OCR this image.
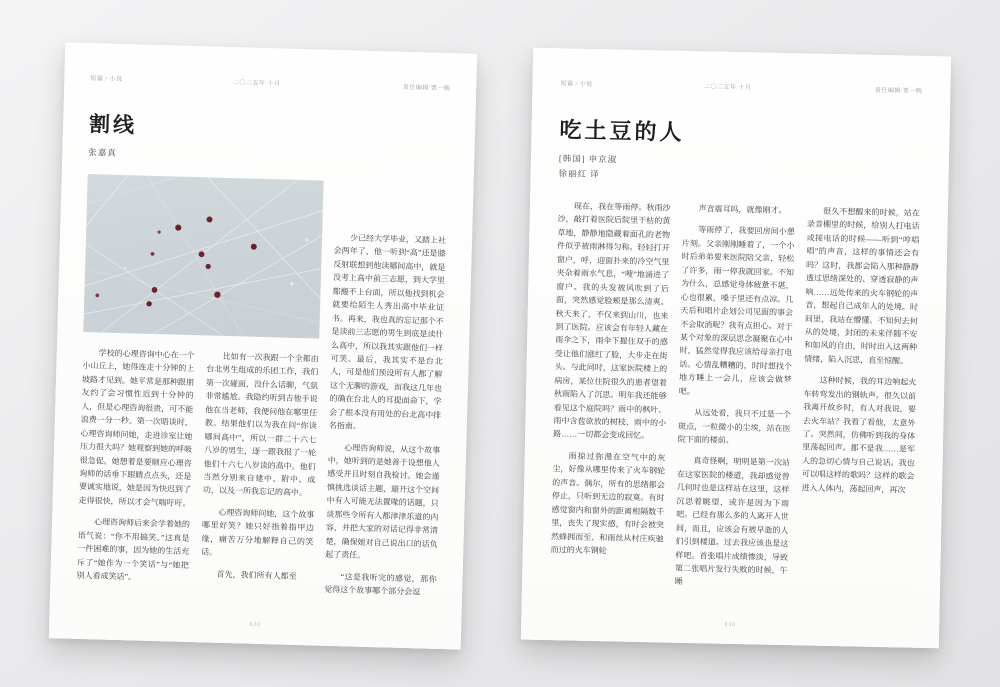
短篇 / 小说
二〇二五年 十月
责任编辑 贾一晚
割线
张嘉真

学校的心理咨询中心在一个小山丘上，她得连走十分钟的上坡路才见到。她平常是那种跟朋友约了会习惯性迟到十分钟的人，但是心理咨询很贵，可不能浪费一分一秒。第一次晤谈时，心理咨询师问她，走进诊室让她压力很大吗？她观察到她的呼吸很急促。她想着是要顺应心理咨询师的话垂下眼睛点点头，还是要诚实地说，她是因为快迟到了走得很快，所以才会气喘吁吁。

心理咨询师后来会学着她的语气说：“你不用搞笑。”这真是一件困难的事，因为她的生活充斥了“她作为一个笑话”与“她把别人看成笑话”。

比如有一次我跟一个全都由台北男生组成的乐团工作，我们第一次碰面，没什么话聊，气氛非常尴尬。我隐约听到吉他手说他在当老师，我便问他在哪里任教。结果他们以为我在问“你读哪间高中”，所以一群二十六七八岁的男生，逐一跟我报了一轮他们十六七八岁读的高中。他们当然分别来自建中、附中、成功，以及一所我忘记的高中。

心理咨询师问她，这个故事哪里好笑？她只好指着指甲边缘，痛苦万分地解释自己的笑话。

首先，我们所有人都至

少已经大学毕业，又踏上社会两年了，他一听到“高”还是膝反射联想到他读哪间高中，就是没考上高中前三志愿，到大学里都搬不上台面，所以他找到机会就要给陌生人秀出高中毕业证书。再来，我也真的忘记那个不是读前三志愿的男生到底是读什么高中，所以我其实跟他们一样可笑。最后，我其实不是台北人，可是他们预设所有人都了解这个无聊的游戏，而我这几年也的确在台北人的耳提面命下，学会了根本没有用处的台北高中排名指南。

心理咨询师说，从这个故事中，她听到的是她善于设想他人感受并且时刻自我检讨。她会谨慎挑选谈话主题，避开这个空间中有人可能无法置喙的话题，只谈那些令所有人都津津乐道的内容，并把大家的对话记得非常清楚，确保她对自己说出口的话负起了责任。

“这是我听完的感觉，那你觉得这个故事哪个部分会逗

020
短篇 / 小说	二〇二五年 十月
责任编辑 贾一晚
吃土豆的人
[韩国] 申京淑
徐丽红 译

现在，我在等雨停。秋雨沙沙，敲打着医院后院里干枯的黄草地，静静地隐藏着面孔的老物件似乎被雨淋得匀称。轻轻打开窗户，呼，迎面扑来的冷空气里夹杂着雨水气息，“嗖”地涌进了窗户。我的头发被风吹到了后面，突然感觉脸颊是那么清爽。秋天来了，不仅来到山川，也来到了医院。应该会有年轻人藏在雨伞之下，雨伞下握住双手的感受让他们涨红了脸，大步走在街头。与此同时，这家医院楼上的病房，某位住院很久的患者望着秋雨陷入了沉思。明年我还能够看见这个庭院吗？雨中的枫叶、雨中含苞欲放的树枝、雨中的小路……一切都会变成回忆。

雨掠过弥漫在空气中的灰尘，好像从哪里传来了火车钢轮的声音。偶尔，所有的思绪都会停止，只听到无边的寂寞。有时感觉窗内和窗外的距离相隔数千里，丧失了现实感，有时会被突然蜂拥而至、和雨丝从村庄疾驰而过的火车钢轮

声音震耳吗，就像刚才。

等雨停了，我要回房间小憩片刻。父亲刚刚睡着了，一个小时后弟弟要来医院陪父亲，轻松了许多，雨一停我就回家。不知为什么，总感觉身体疲惫不堪，心也很累，嗓子里还有点凉。几天后和唱片企划公司见面的事会不会取消呢？我有点担心。对于某个对象的深层思念凝聚在心中时，猛然觉得我应该给母亲打电话。心情乱糟糟的，时时想找个地方睡上一会儿，应该会做梦吧。

从远处看，我只不过是一个斑点，一粒微小的尘埃，站在医院下面的楼前。

真奇怪啊，明明是第一次站在这家医院的楼道，我却感觉曾几何时也是这样站在这里，这样沉思着眺望，或许是因为下雨吧。已经有那么多的人离开人世间，而且，应该会有被早逝的人们引到楼道。过去我应该也是这样吧。首张唱片成绩惨淡，导致第二张唱片发行失败的时候，午睡

很久不想醒来的时候，站在录音棚里的时候，给别人打电话或接电话的时候——听到“哼唱唱”的声音，这样的事情还会有吗？这时，我都会陷入那种静静透过思绪深处的、穿透寂静的声响……远处传来的火车钢轮的声音，想起自己成年人的处境。时间里，我站在懵懂、不知何去何从的处境，封闭的未来伴随不安和如风的自由，时时出入这两种情绪，陷入沉思，直至惊醒。

这种时候，我的耳边响起火车转弯发出的钢轨声。很久以前我离开故乡时，有人对我说，要去火车站？我看了看他，太意外了。突然间，仿佛听到我的身体里荡起回声。都不是我……是军人的急切心情与自己说话。我也可以唱这样的歌吗？这样的歌会进入人体内，荡起回声，再次

030
